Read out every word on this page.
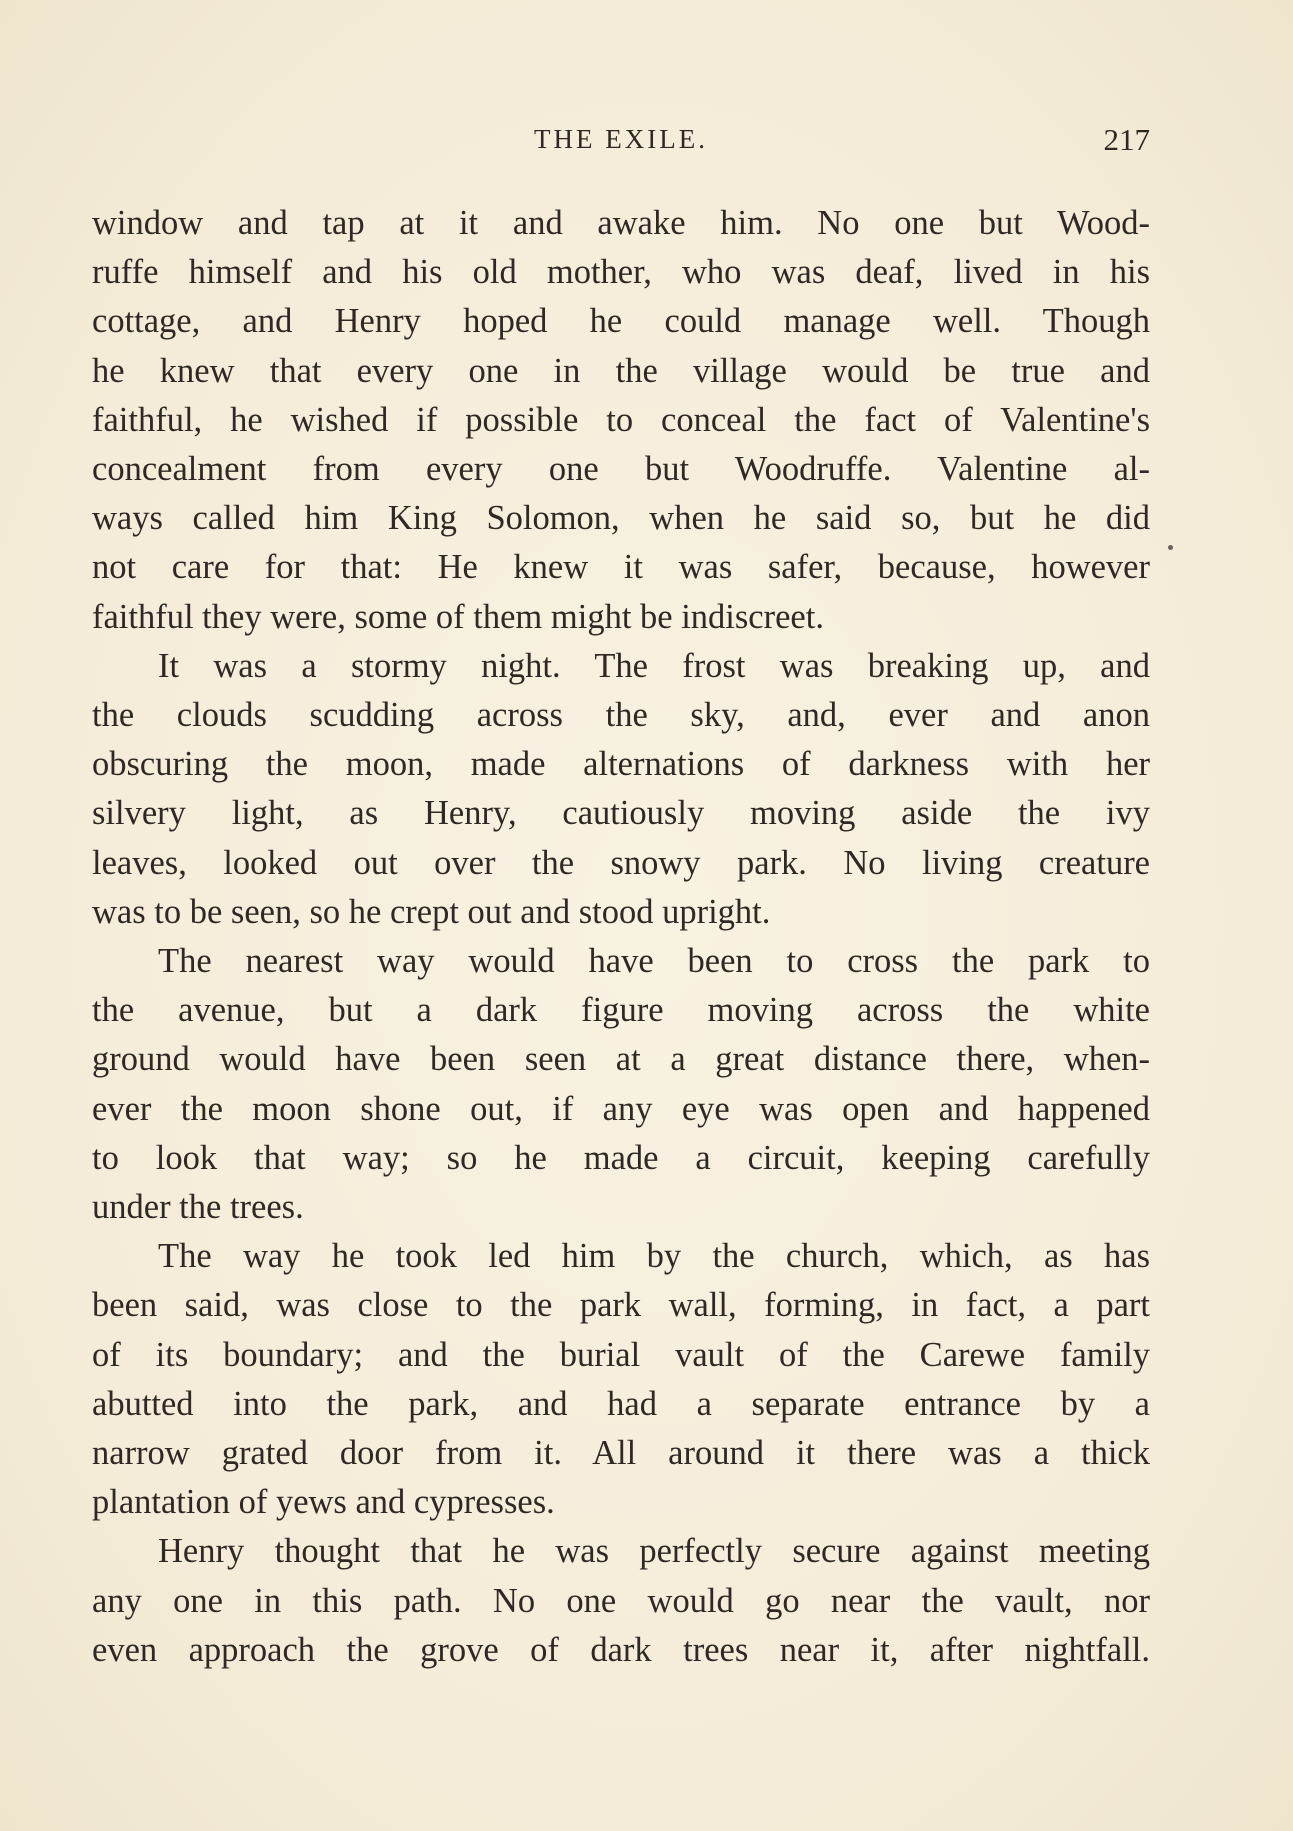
THE EXILE.	217
window and tap at it and awake him. No one but Wood-
ruffe himself and his old mother, who was deaf, lived in his
cottage, and Henry hoped he could manage well. Though
he knew that every one in the village would be true and
faithful, he wished if possible to conceal the fact of Valentine's
concealment from every one but Woodruffe. Valentine al-
ways called him King Solomon, when he said so, but he did
not care for that: He knew it was safer, because, however
faithful they were, some of them might be indiscreet.
It was a stormy night. The frost was breaking up, and
the clouds scudding across the sky, and, ever and anon
obscuring the moon, made alternations of darkness with her
silvery light, as Henry, cautiously moving aside the ivy
leaves, looked out over the snowy park. No living creature
was to be seen, so he crept out and stood upright.
The nearest way would have been to cross the park to
the avenue, but a dark figure moving across the white
ground would have been seen at a great distance there, when-
ever the moon shone out, if any eye was open and happened
to look that way; so he made a circuit, keeping carefully
under the trees.
The way he took led him by the church, which, as has
been said, was close to the park wall, forming, in fact, a part
of its boundary; and the burial vault of the Carewe family
abutted into the park, and had a separate entrance by a
narrow grated door from it. All around it there was a thick
plantation of yews and cypresses.
Henry thought that he was perfectly secure against meeting
any one in this path. No one would go near the vault, nor
even approach the grove of dark trees near it, after nightfall.
